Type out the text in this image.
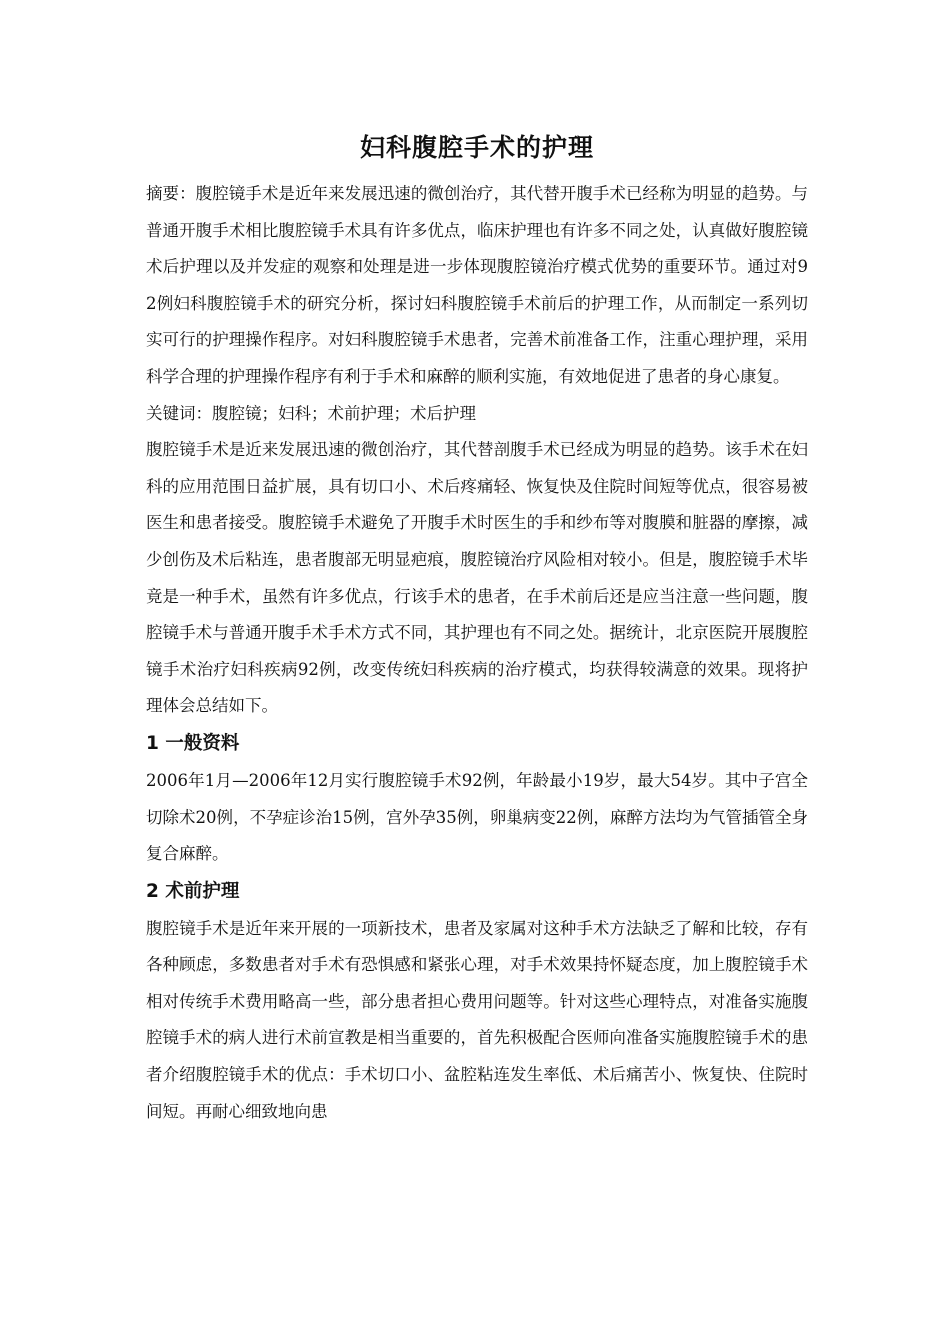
妇科腹腔手术的护理

摘要：腹腔镜手术是近年来发展迅速的微创治疗，其代替开腹手术已经称为明显的趋势。与普通开腹手术相比腹腔镜手术具有许多优点，临床护理也有许多不同之处，认真做好腹腔镜术后护理以及并发症的观察和处理是进一步体现腹腔镜治疗模式优势的重要环节。通过对92例妇科腹腔镜手术的研究分析，探讨妇科腹腔镜手术前后的护理工作，从而制定一系列切实可行的护理操作程序。对妇科腹腔镜手术患者，完善术前准备工作，注重心理护理，采用科学合理的护理操作程序有利于手术和麻醉的顺利实施，有效地促进了患者的身心康复。

关键词：腹腔镜；妇科；术前护理；术后护理

腹腔镜手术是近来发展迅速的微创治疗，其代替剖腹手术已经成为明显的趋势。该手术在妇科的应用范围日益扩展，具有切口小、术后疼痛轻、恢复快及住院时间短等优点，很容易被医生和患者接受。腹腔镜手术避免了开腹手术时医生的手和纱布等对腹膜和脏器的摩擦，减少创伤及术后粘连，患者腹部无明显疤痕，腹腔镜治疗风险相对较小。但是，腹腔镜手术毕竟是一种手术，虽然有许多优点，行该手术的患者，在手术前后还是应当注意一些问题，腹腔镜手术与普通开腹手术手术方式不同，其护理也有不同之处。据统计，北京医院开展腹腔镜手术治疗妇科疾病92例，改变传统妇科疾病的治疗模式，均获得较满意的效果。现将护理体会总结如下。

1 一般资料

2006年1月—2006年12月实行腹腔镜手术92例，年龄最小19岁，最大54岁。其中子宫全切除术20例，不孕症诊治15例，宫外孕35例，卵巢病变22例，麻醉方法均为气管插管全身复合麻醉。

2 术前护理

腹腔镜手术是近年来开展的一项新技术，患者及家属对这种手术方法缺乏了解和比较，存有各种顾虑，多数患者对手术有恐惧感和紧张心理，对手术效果持怀疑态度，加上腹腔镜手术相对传统手术费用略高一些，部分患者担心费用问题等。针对这些心理特点，对准备实施腹腔镜手术的病人进行术前宣教是相当重要的，首先积极配合医师向准备实施腹腔镜手术的患者介绍腹腔镜手术的优点：手术切口小、盆腔粘连发生率低、术后痛苦小、恢复快、住院时间短。再耐心细致地向患
